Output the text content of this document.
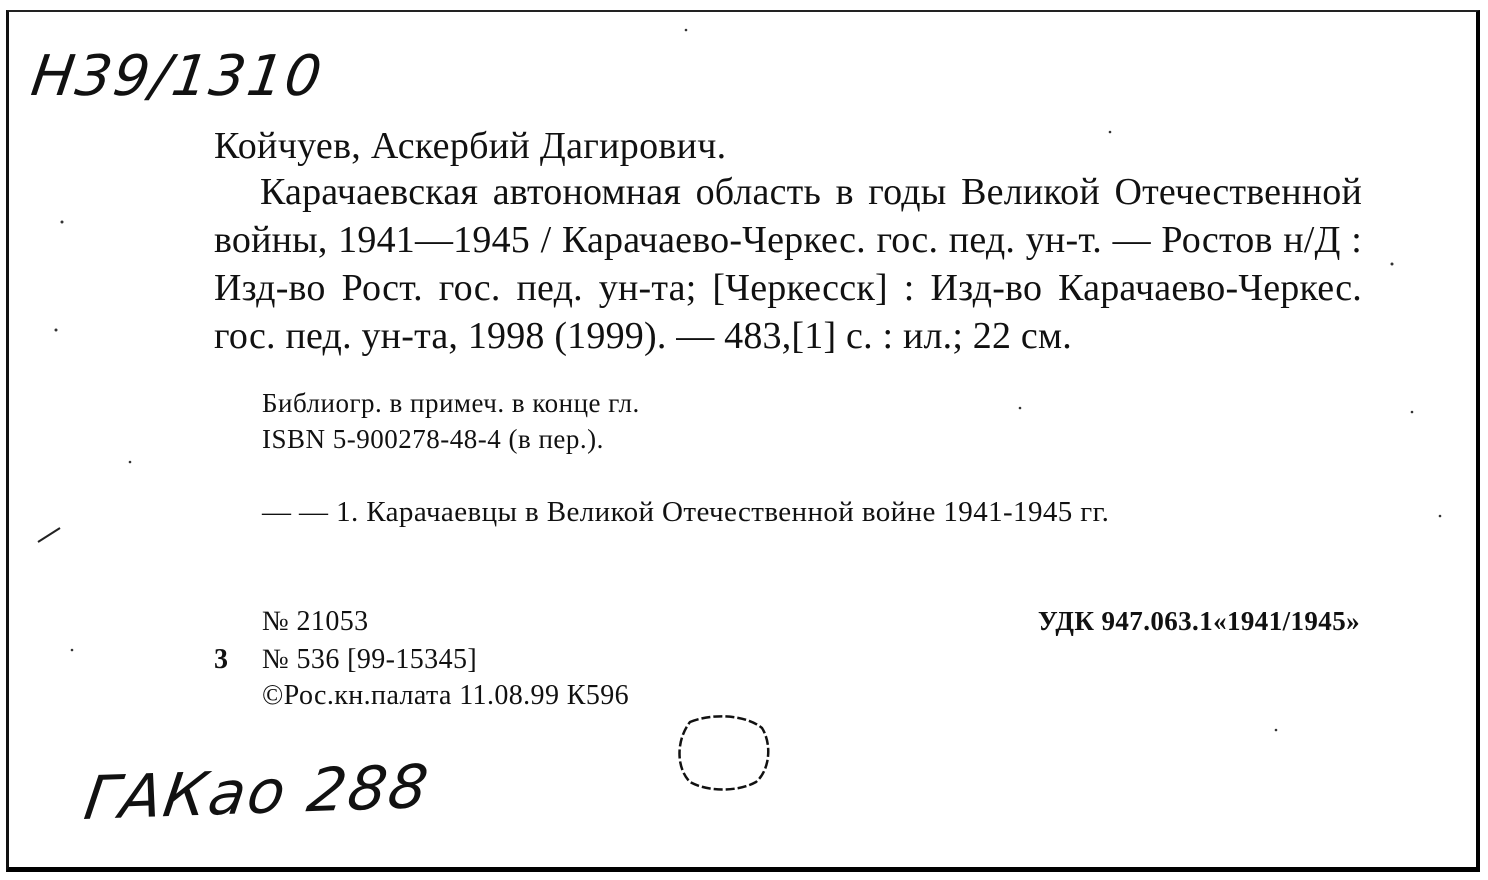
Н39/1310
Койчуев, Аскербий Дагирович.
Карачаевская автономная область в годы Великой Отечественной войны, 1941—1945 / Карачаево-Черкес. гос. пед. ун-т. — Ростов н/Д : Изд-во Рост. гос. пед. ун-та; [Черкесск] : Изд-во Карачаево-Черкес. гос. пед. ун-та, 1998 (1999). — 483,[1] с. : ил.; 22 см.
Библиогр. в примеч. в конце гл.
ISBN 5-900278-48-4 (в пер.).
— — 1. Карачаевцы в Великой Отечественной войне 1941-1945 гг.
№ 21053	УДК 947.063.1«1941/1945»
3 № 536 [99-15345]
©Рос.кн.палата 11.08.99 К596
ГАКао 288
